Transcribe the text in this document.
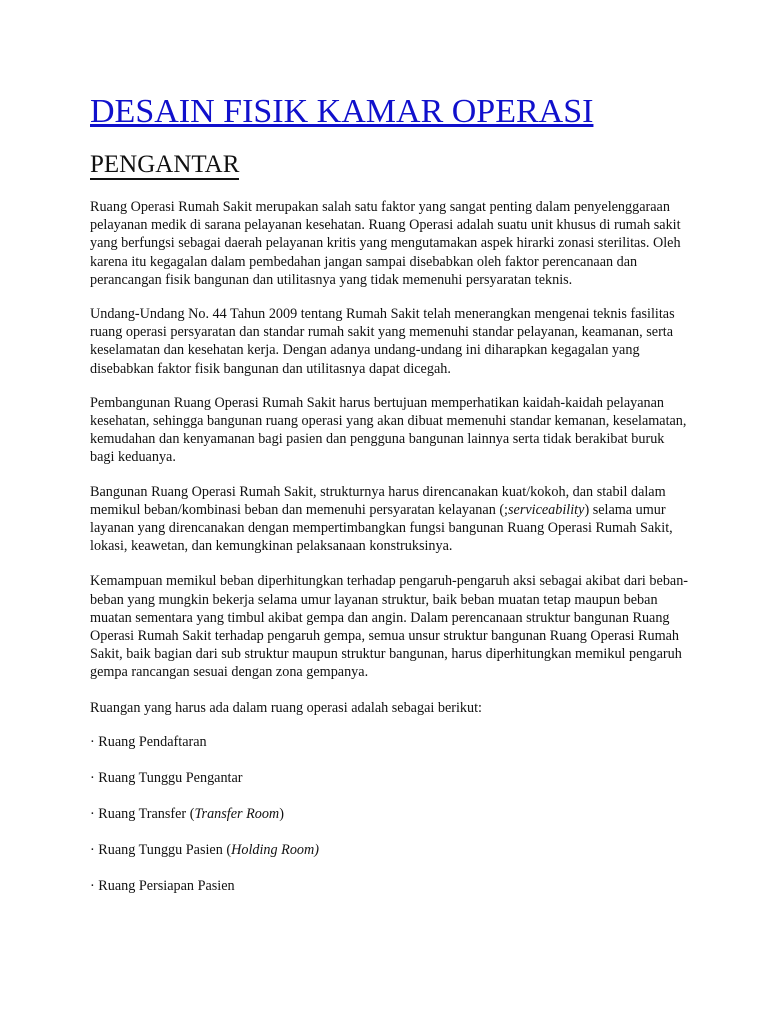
DESAIN FISIK KAMAR OPERASI
PENGANTAR

Ruang Operasi Rumah Sakit merupakan salah satu faktor yang sangat penting dalam penyelenggaraan pelayanan medik di sarana pelayanan kesehatan. Ruang Operasi adalah suatu unit khusus di rumah sakit yang berfungsi sebagai daerah pelayanan kritis yang mengutamakan aspek hirarki zonasi sterilitas. Oleh karena itu kegagalan dalam pembedahan jangan sampai disebabkan oleh faktor perencanaan dan perancangan fisik bangunan dan utilitasnya yang tidak memenuhi persyaratan teknis.

Undang-Undang No. 44 Tahun 2009 tentang Rumah Sakit telah menerangkan mengenai teknis fasilitas ruang operasi persyaratan dan standar rumah sakit yang memenuhi standar pelayanan, keamanan, serta keselamatan dan kesehatan kerja. Dengan adanya undang-undang ini diharapkan kegagalan yang disebabkan faktor fisik bangunan dan utilitasnya dapat dicegah.

Pembangunan Ruang Operasi Rumah Sakit harus bertujuan memperhatikan kaidah-kaidah pelayanan kesehatan, sehingga bangunan ruang operasi yang akan dibuat memenuhi standar kemanan, keselamatan, kemudahan dan kenyamanan bagi pasien dan pengguna bangunan lainnya serta tidak berakibat buruk bagi keduanya.

Bangunan Ruang Operasi Rumah Sakit, strukturnya harus direncanakan kuat/kokoh, dan stabil dalam memikul beban/kombinasi beban dan memenuhi persyaratan kelayanan (;serviceability) selama umur layanan yang direncanakan dengan mempertimbangkan fungsi bangunan Ruang Operasi Rumah Sakit, lokasi, keawetan, dan kemungkinan pelaksanaan konstruksinya.

Kemampuan memikul beban diperhitungkan terhadap pengaruh-pengaruh aksi sebagai akibat dari beban-beban yang mungkin bekerja selama umur layanan struktur, baik beban muatan tetap maupun beban muatan sementara yang timbul akibat gempa dan angin. Dalam perencanaan struktur bangunan Ruang Operasi Rumah Sakit terhadap pengaruh gempa, semua unsur struktur bangunan Ruang Operasi Rumah Sakit, baik bagian dari sub struktur maupun struktur bangunan, harus diperhitungkan memikul pengaruh gempa rancangan sesuai dengan zona gempanya.

Ruangan yang harus ada dalam ruang operasi adalah sebagai berikut:

· Ruang Pendaftaran
· Ruang Tunggu Pengantar
· Ruang Transfer (Transfer Room)
· Ruang Tunggu Pasien (Holding Room)
· Ruang Persiapan Pasien
